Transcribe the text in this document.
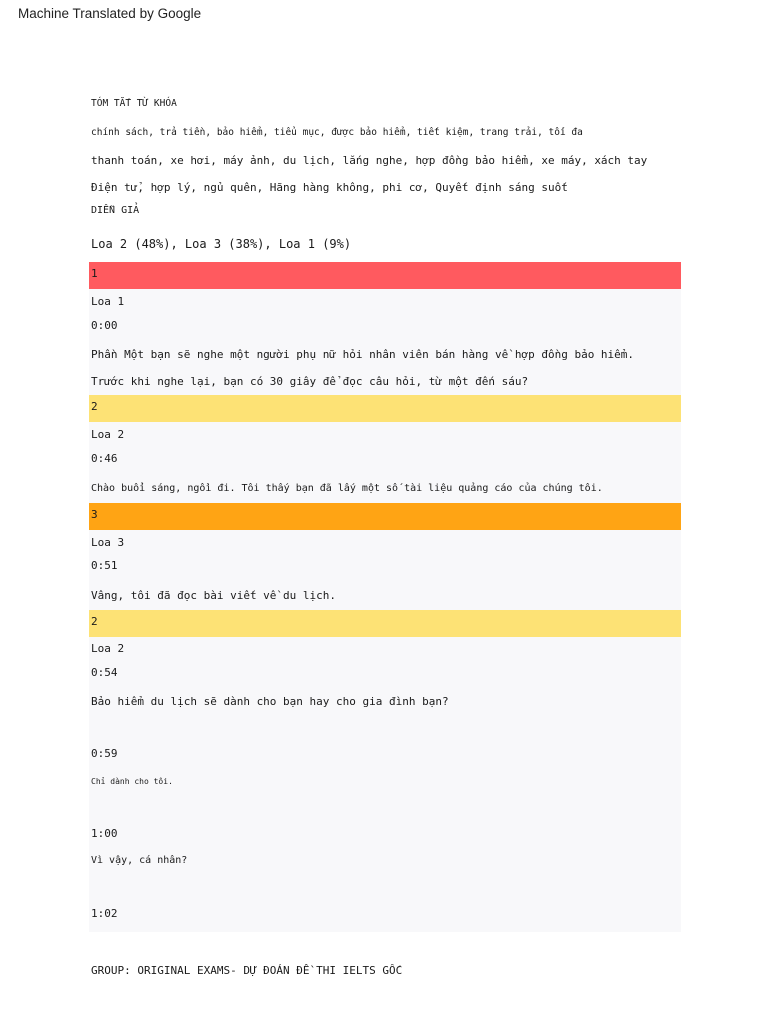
Machine Translated by Google
TÓM TẮT TỪ KHÓA
chính sách, trả tiền, bảo hiểm, tiểu mục, được bảo hiểm, tiết kiệm, trang trải, tối đa
thanh toán, xe hơi, máy ảnh, du lịch, lắng nghe, hợp đồng bảo hiểm, xe máy, xách tay
Điện tử, hợp lý, ngủ quên, Hãng hàng không, phi cơ, Quyết định sáng suốt
DIỄN GIẢ
Loa 2 (48%), Loa 3 (38%), Loa 1 (9%)
1
Loa 1
0:00
Phần Một bạn sẽ nghe một người phụ nữ hỏi nhân viên bán hàng về hợp đồng bảo hiểm.
Trước khi nghe lại, bạn có 30 giây để đọc câu hỏi, từ một đến sáu?
2
Loa 2
0:46
Chào buổi sáng, ngồi đi. Tôi thấy bạn đã lấy một số tài liệu quảng cáo của chúng tôi.
3
Loa 3
0:51
Vâng, tôi đã đọc bài viết về du lịch.
2
Loa 2
0:54
Bảo hiểm du lịch sẽ dành cho bạn hay cho gia đình bạn?
0:59
Chỉ dành cho tôi.
1:00
Vì vậy, cá nhân?
1:02
GROUP: ORIGINAL EXAMS- DỰ ĐOÁN ĐỀ THI IELTS GỐC
